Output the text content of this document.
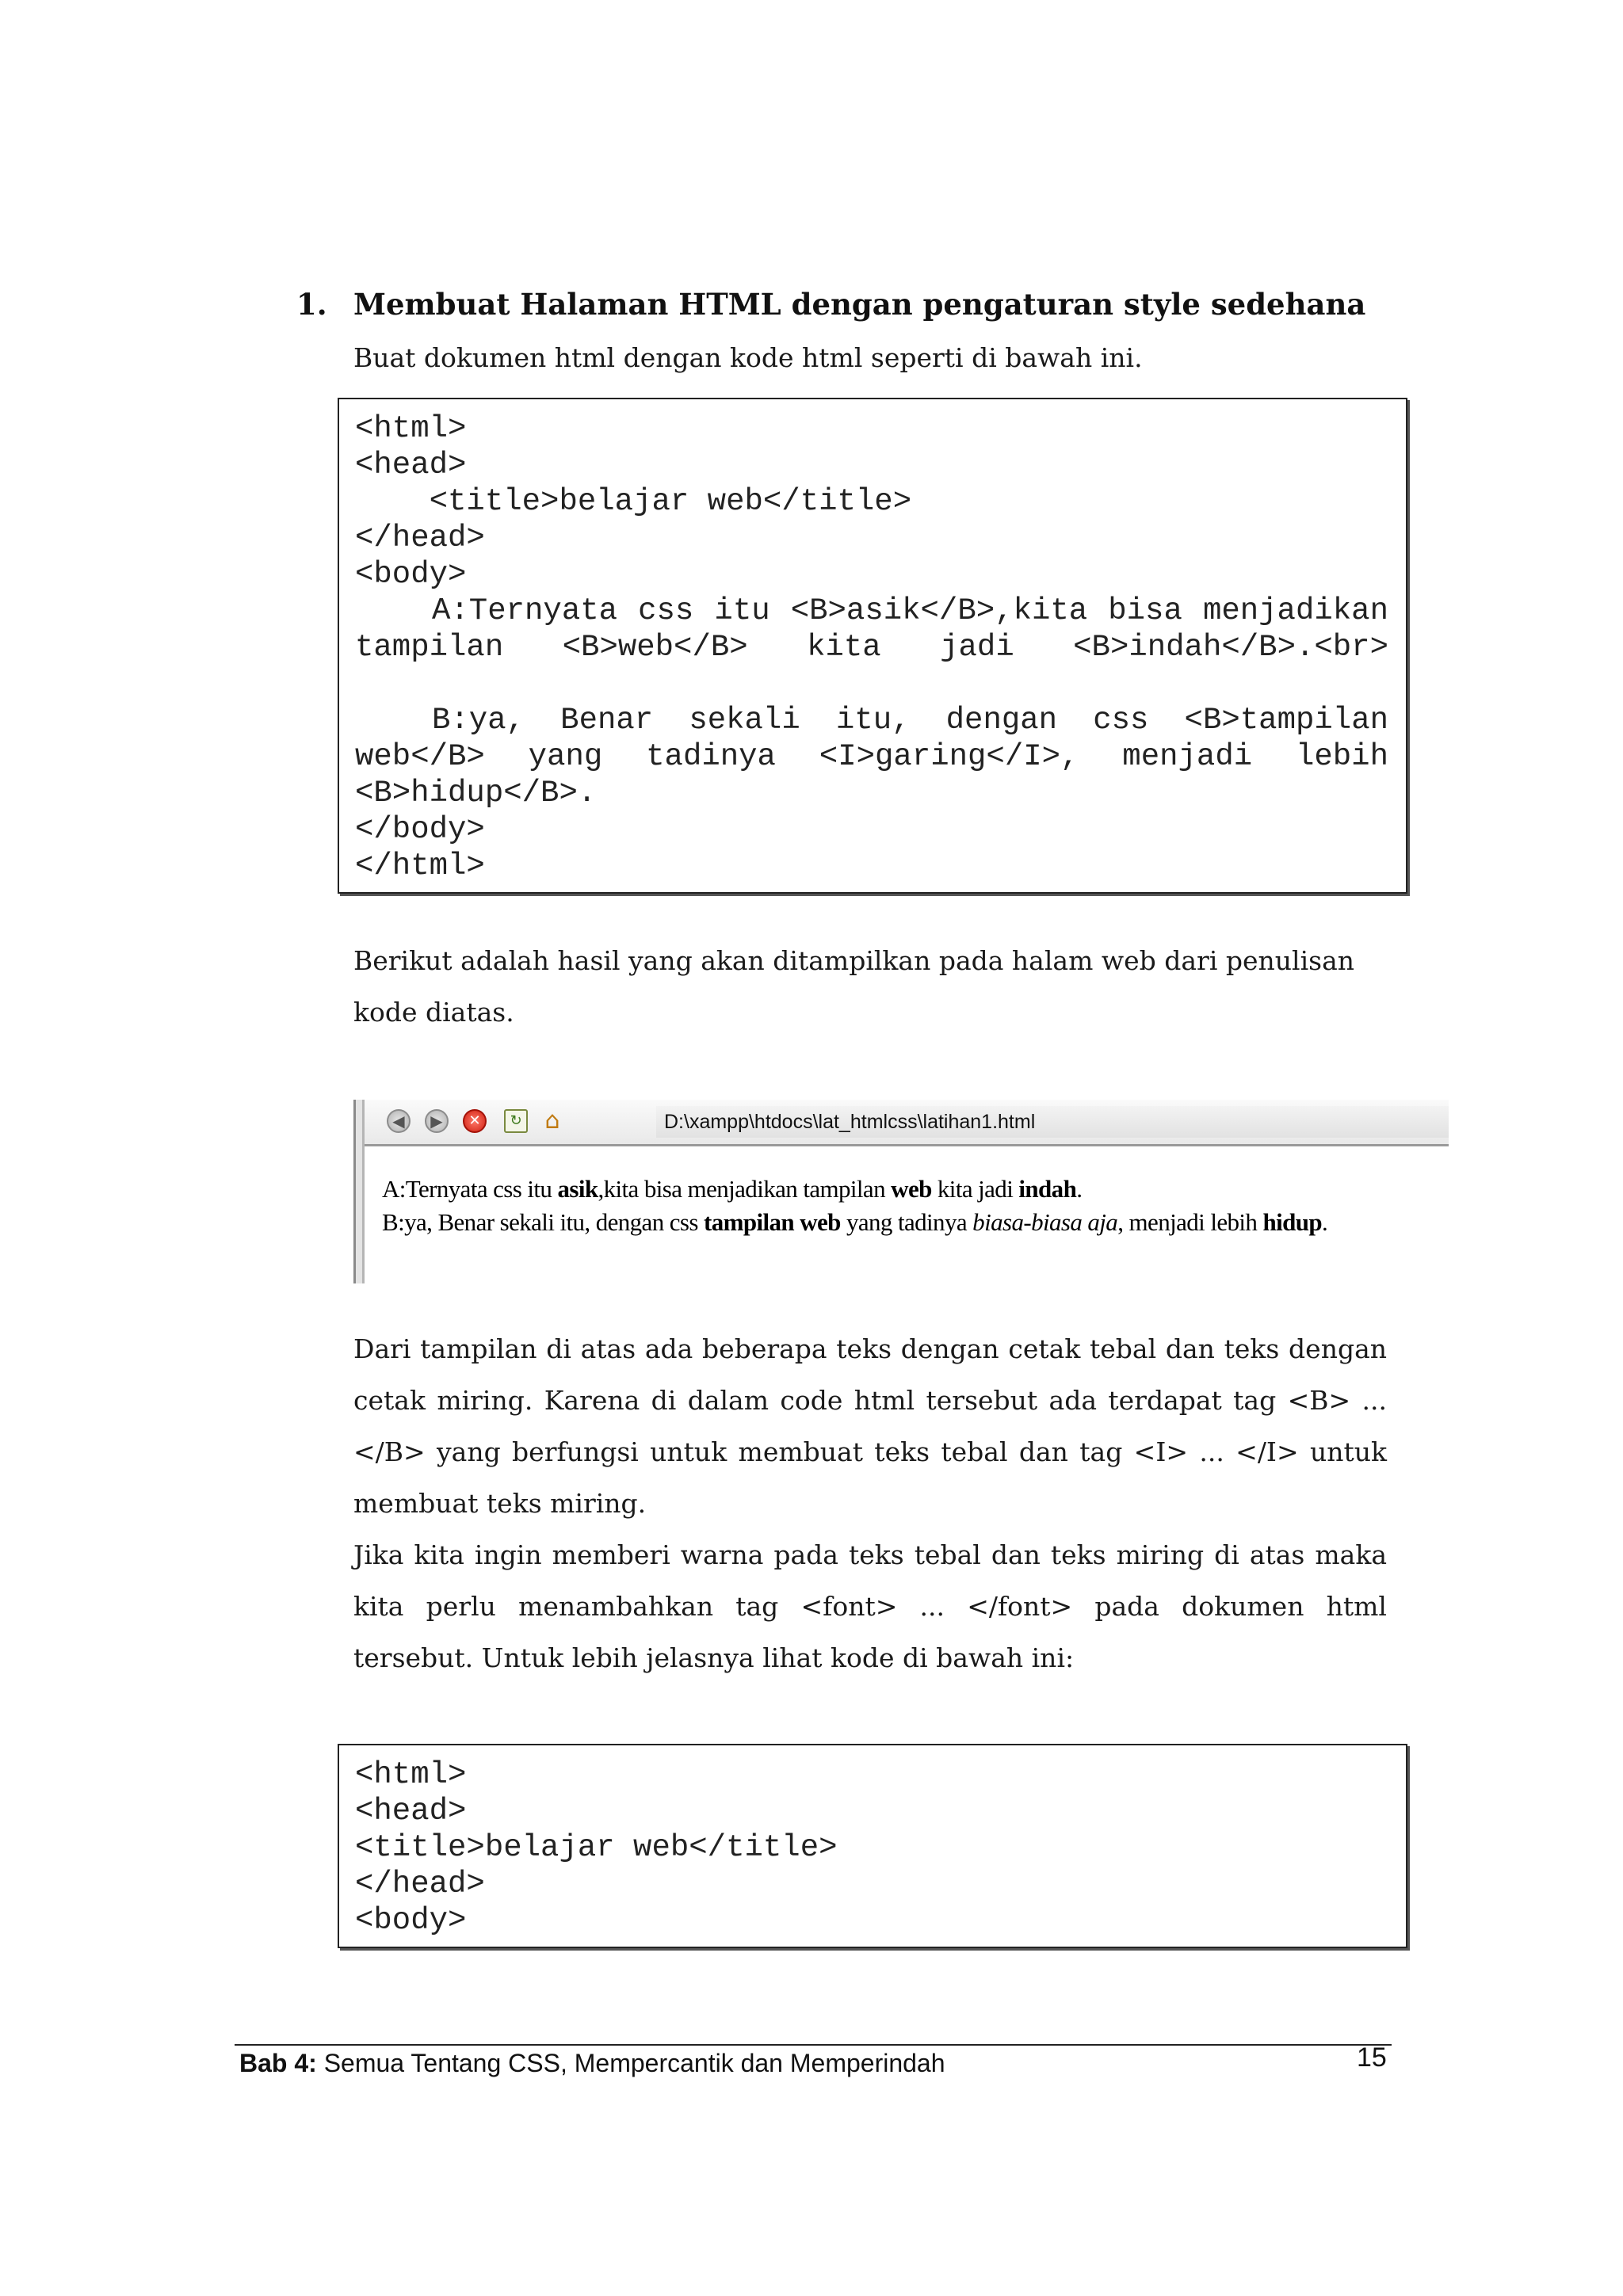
1. Membuat Halaman HTML dengan pengaturan style sedehana
Buat dokumen html dengan kode html seperti di bawah ini.
<html>
<head>
<title>belajar web</title>
</head>
<body>
A:Ternyata css itu <B>asik</B>,kita bisa menjadikan tampilan <B>web</B> kita jadi <B>indah</B>.<br>
B:ya, Benar sekali itu, dengan css <B>tampilan web</B> yang tadinya <I>garing</I>, menjadi lebih <B>hidup</B>.
</body>
</html>
Berikut adalah hasil yang akan ditampilkan pada halam web dari penulisan kode diatas.
◀	▶	✕	↻ ⌂	D:\xampp\htdocs\lat_htmlcss\latihan1.html
A:Ternyata css itu asik,kita bisa menjadikan tampilan web kita jadi indah.
B:ya, Benar sekali itu, dengan css tampilan web yang tadinya biasa-biasa aja, menjadi lebih hidup.
Dari tampilan di atas ada beberapa teks dengan cetak tebal dan teks dengan cetak miring. Karena di dalam code html tersebut ada terdapat tag <B> ... </B> yang berfungsi untuk membuat teks tebal dan tag <I> ... </I> untuk membuat teks miring.
Jika kita ingin memberi warna pada teks tebal dan teks miring di atas maka kita perlu menambahkan tag <font> ... </font> pada dokumen html tersebut. Untuk lebih jelasnya lihat kode di bawah ini:
<html>
<head>
<title>belajar web</title>
</head>
<body>
Bab 4: Semua Tentang CSS, Mempercantik dan Memperindah	15
